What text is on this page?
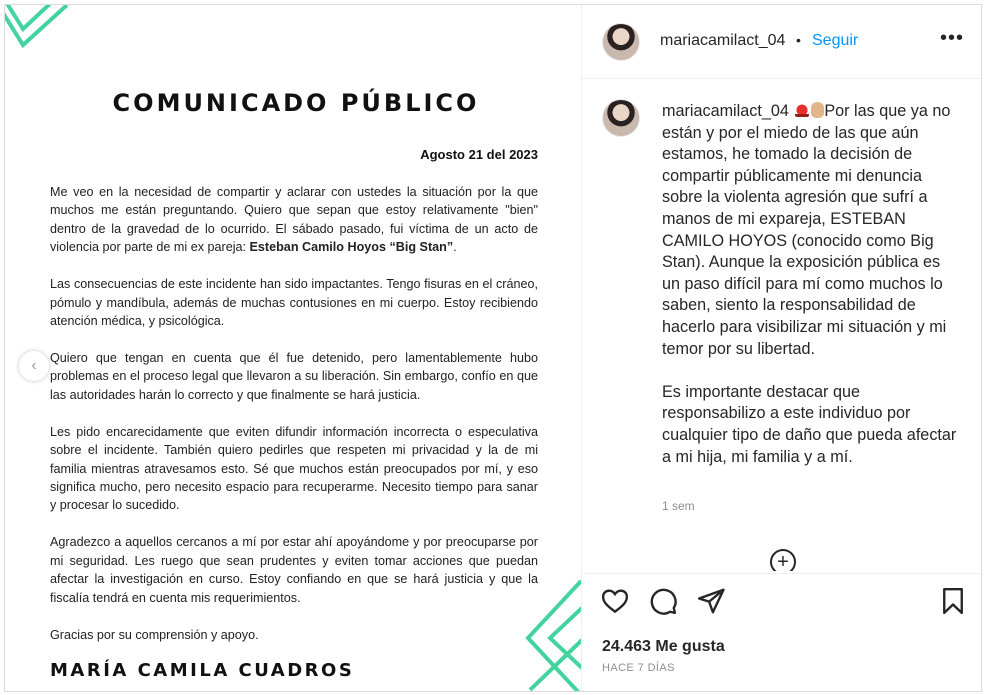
COMUNICADO PÚBLICO
Agosto 21 del 2023

Me veo en la necesidad de compartir y aclarar con ustedes la situación por la que muchos me están preguntando. Quiero que sepan que estoy relativamente "bien" dentro de la gravedad de lo ocurrido. El sábado pasado, fui víctima de un acto de violencia por parte de mi ex pareja: Esteban Camilo Hoyos “Big Stan”.

Las consecuencias de este incidente han sido impactantes. Tengo fisuras en el cráneo, pómulo y mandíbula, además de muchas contusiones en mi cuerpo. Estoy recibiendo atención médica, y psicológica.

Quiero que tengan en cuenta que él fue detenido, pero lamentablemente hubo problemas en el proceso legal que llevaron a su liberación. Sin embargo, confío en que las autoridades harán lo correcto y que finalmente se hará justicia.

Les pido encarecidamente que eviten difundir información incorrecta o especulativa sobre el incidente. También quiero pedirles que respeten mi privacidad y la de mi familia mientras atravesamos esto. Sé que muchos están preocupados por mí, y eso significa mucho, pero necesito espacio para recuperarme. Necesito tiempo para sanar y procesar lo sucedido.

Agradezco a aquellos cercanos a mí por estar ahí apoyándome y por preocuparse por mi seguridad. Les ruego que sean prudentes y eviten tomar acciones que puedan afectar la investigación en curso. Estoy confiando en que se hará justicia y que la fiscalía tendrá en cuenta mis requerimientos.

Gracias por su comprensión y apoyo.

MARÍA CAMILA CUADROS
‹
mariacamilact_04 • Seguir	•••

mariacamilact_04 Por las que ya no están y por el miedo de las que aún estamos, he tomado la decisión de compartir públicamente mi denuncia sobre la violenta agresión que sufrí a manos de mi expareja, ESTEBAN CAMILO HOYOS (conocido como Big Stan). Aunque la exposición pública es un paso difícil para mí como muchos lo saben, siento la responsabilidad de hacerlo para visibilizar mi situación y mi temor por su libertad.

Es importante destacar que responsabilizo a este individuo por cualquier tipo de daño que pueda afectar a mi hija, mi familia y a mí.

1 sem
+
24.463 Me gusta
HACE 7 DÍAS
